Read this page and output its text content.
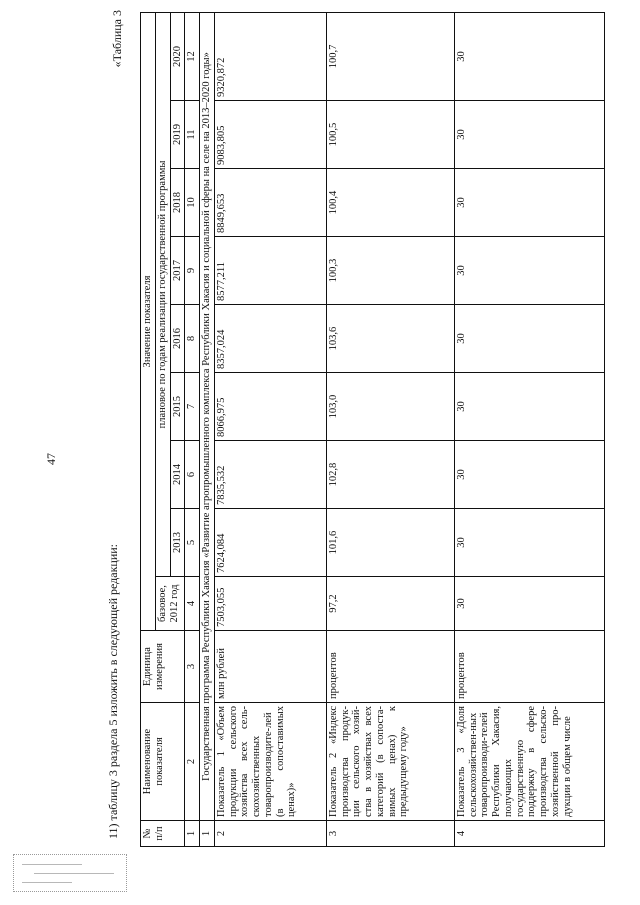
47
«Таблица 3
11) таблицу 3 раздела 5 изложить в следующей редакции: № п/п	Наименование показателя	Единица измерения	Значение показателя								
			базовое, 2012 год	плановое по годам реализации государственной программы							
				2013	2014	2015	2016	2017	2018	2019	2020
1	2	3	4	5	6	7	8	9	10	11	12
1	Государственная программа Республики Хакасия «Развитие агропромышленного комплекса Республики Хакасия и социальной сферы на селе на 2013–2020 годы»										
2	Показатель 1 «Объем продукции сельского хозяйства всех сель-скохозяйственных товаропроизводите-лей (в сопоставимых ценах)»	млн рублей	7503,055	7624,084	7835,532	8066,975	8357,024	8577,211	8849,653	9083,805	9320,872
3	Показатель 2 «Индекс производства продук-ции сельского хозяй-ства в хозяйствах всех категорий (в сопоста-вимых ценах) к предыдущему году»	процентов	97,2	101,6	102,8	103,0	103,6	100,3	100,4	100,5	100,7
4	Показатель 3 «Доля сельскохозяйствен-ных товаропроизводи-телей Республики Хакасия, получающих государственную поддержку в сфере производства сельско-хозяйственной про-дукции в общем числе	процентов	30	30	30	30	30	30	30	30	30
